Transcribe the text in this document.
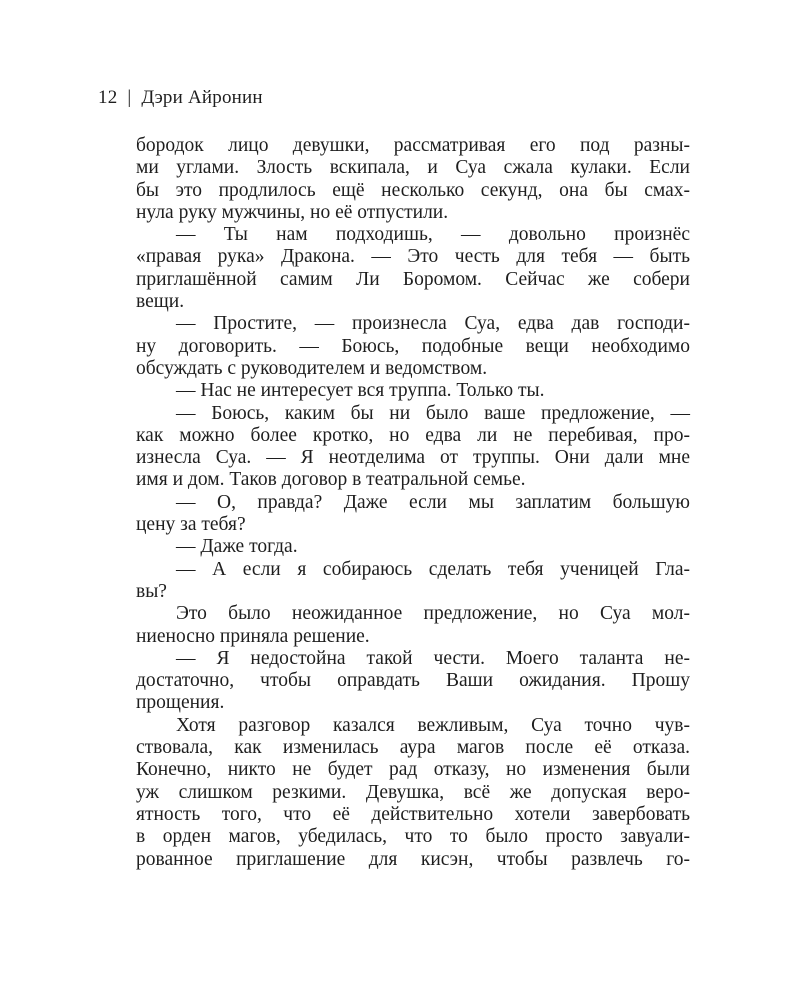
12 | Дэри Айронин
бородок лицо девушки, рассматривая его под разны-
ми углами. Злость вскипала, и Суа сжала кулаки. Если
бы это продлилось ещё несколько секунд, она бы смах-
нула руку мужчины, но её отпустили.
— Ты нам подходишь, — довольно произнёс
«правая рука» Дракона. — Это честь для тебя — быть
приглашённой самим Ли Боромом. Сейчас же собери
вещи.
— Простите, — произнесла Суа, едва дав господи-
ну договорить. — Боюсь, подобные вещи необходимо
обсуждать с руководителем и ведомством.
— Нас не интересует вся труппа. Только ты.
— Боюсь, каким бы ни было ваше предложение, —
как можно более кротко, но едва ли не перебивая, про-
изнесла Суа. — Я неотделима от труппы. Они дали мне
имя и дом. Таков договор в театральной семье.
— О, правда? Даже если мы заплатим большую
цену за тебя?
— Даже тогда.
— А если я собираюсь сделать тебя ученицей Гла-
вы?
Это было неожиданное предложение, но Суа мол-
ниеносно приняла решение.
— Я недостойна такой чести. Моего таланта не-
достаточно, чтобы оправдать Ваши ожидания. Прошу
прощения.
Хотя разговор казался вежливым, Суа точно чув-
ствовала, как изменилась аура магов после её отказа.
Конечно, никто не будет рад отказу, но изменения были
уж слишком резкими. Девушка, всё же допуская веро-
ятность того, что её действительно хотели завербовать
в орден магов, убедилась, что то было просто завуали-
рованное приглашение для кисэн, чтобы развлечь го-
